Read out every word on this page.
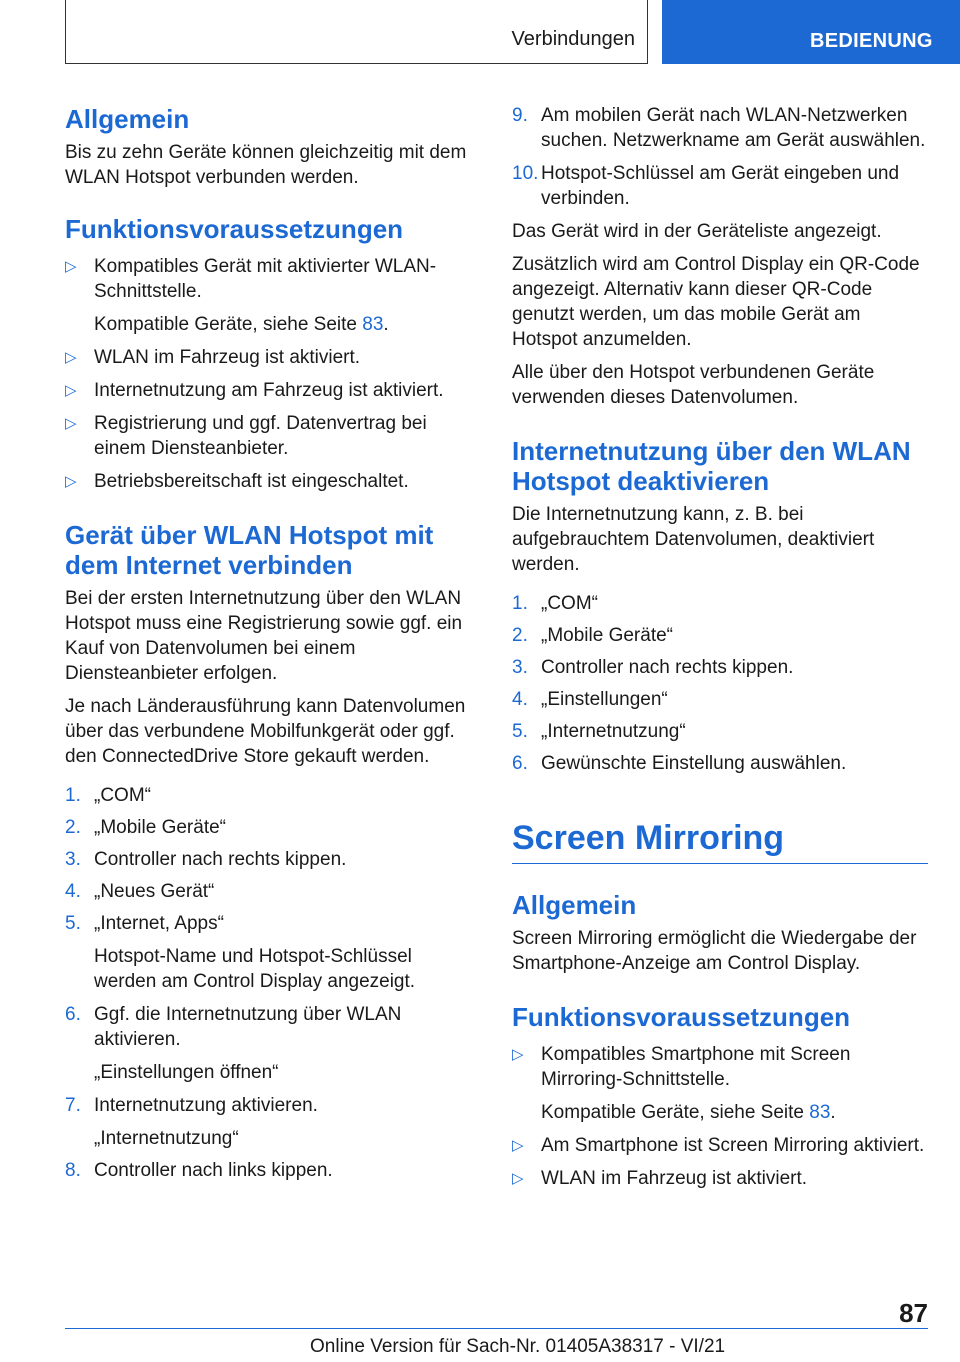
Verbindungen	BEDIENUNG
Allgemein

Bis zu zehn Geräte können gleichzeitig mit dem WLAN Hotspot verbunden werden.

Funktionsvoraussetzungen
▷ Kompatibles Gerät mit aktivierter WLAN-Schnittstelle.
Kompatible Geräte, siehe Seite 83.
▷ WLAN im Fahrzeug ist aktiviert.
▷ Internetnutzung am Fahrzeug ist aktiviert.
▷ Registrierung und ggf. Datenvertrag bei einem Diensteanbieter.
▷ Betriebsbereitschaft ist eingeschaltet.
Gerät über WLAN Hotspot mit dem Internet verbinden

Bei der ersten Internetnutzung über den WLAN Hotspot muss eine Registrierung sowie ggf. ein Kauf von Datenvolumen bei einem Diensteanbieter erfolgen.

Je nach Länderausführung kann Datenvolumen über das verbundene Mobilfunkgerät oder ggf. den ConnectedDrive Store gekauft werden.

1. „COM“
2. „Mobile Geräte“
3. Controller nach rechts kippen.
4. „Neues Gerät“
5. „Internet, Apps“
Hotspot-Name und Hotspot-Schlüssel werden am Control Display angezeigt.
6. Ggf. die Internetnutzung über WLAN aktivieren.
„Einstellungen öffnen“
7. Internetnutzung aktivieren.
„Internetnutzung“
8. Controller nach links kippen.
9. Am mobilen Gerät nach WLAN-Netzwerken suchen. Netzwerkname am Gerät auswählen.
10. Hotspot-Schlüssel am Gerät eingeben und verbinden.

Das Gerät wird in der Geräteliste angezeigt.

Zusätzlich wird am Control Display ein QR-Code angezeigt. Alternativ kann dieser QR-Code genutzt werden, um das mobile Gerät am Hotspot anzumelden.

Alle über den Hotspot verbundenen Geräte verwenden dieses Datenvolumen.

Internetnutzung über den WLAN Hotspot deaktivieren

Die Internetnutzung kann, z. B. bei aufgebrauchtem Datenvolumen, deaktiviert werden.

1. „COM“
2. „Mobile Geräte“
3. Controller nach rechts kippen.
4. „Einstellungen“
5. „Internetnutzung“
6. Gewünschte Einstellung auswählen.
Screen Mirroring
Allgemein

Screen Mirroring ermöglicht die Wiedergabe der Smartphone-Anzeige am Control Display.

Funktionsvoraussetzungen
▷ Kompatibles Smartphone mit Screen Mirroring-Schnittstelle.
Kompatible Geräte, siehe Seite 83.
▷ Am Smartphone ist Screen Mirroring aktiviert.
▷ WLAN im Fahrzeug ist aktiviert.
87
Online Version für Sach-Nr. 01405A38317 - VI/21
